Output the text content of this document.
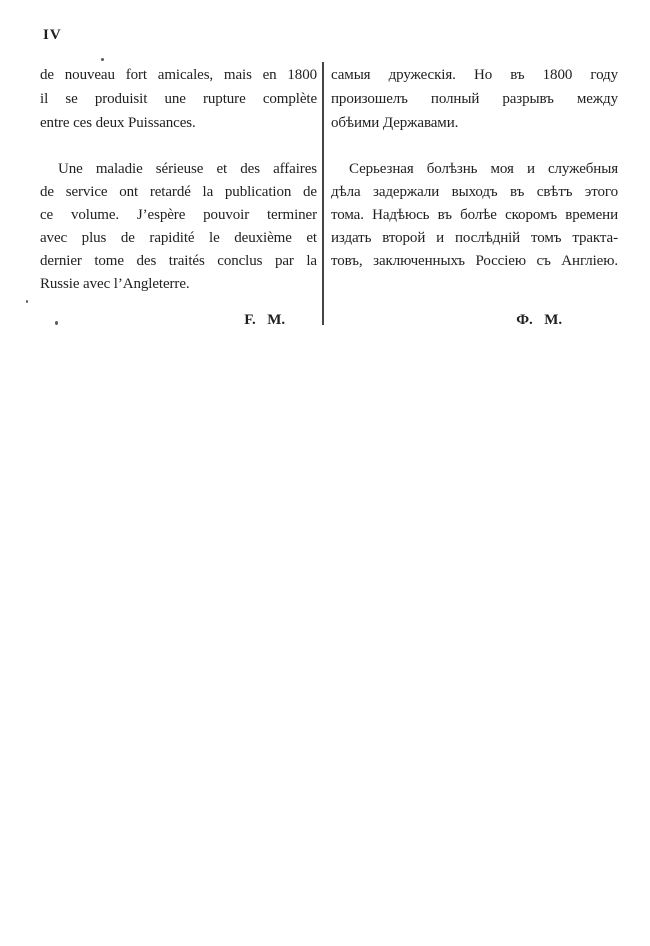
IV
de nouveau fort amicales, mais en 1800
il se produisit une rupture complète
entre ces deux Puissances.
Une maladie sérieuse et des affaires
de service ont retardé la publication de
ce volume. J’espère pouvoir terminer
avec plus de rapidité le deuxième et
dernier tome des traités conclus par la
Russie avec l’Angleterre.
F. M.
самыя дружескія. Но въ 1800 году
произошелъ полный разрывъ между
обѣими Державами.
Серьезная болѣзнь моя и служебныя
дѣла задержали выходъ въ свѣтъ этого
тома. Надѣюсь въ болѣе скоромъ времени
издать второй и послѣдній томъ тракта-
товъ, заключенныхъ Россіею съ Англіею.
Ф. М.
